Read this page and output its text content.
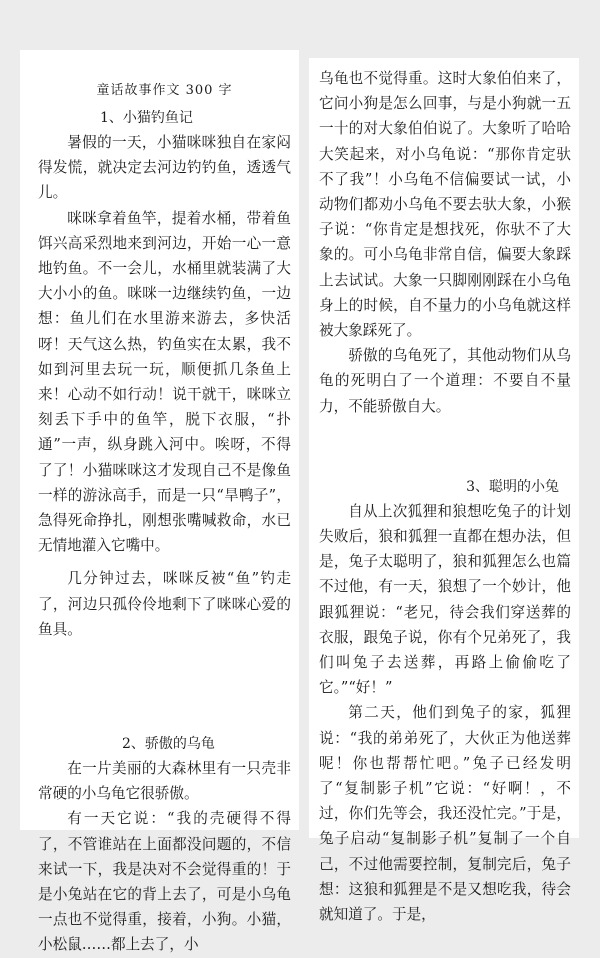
童话故事作文 300 字

1、小猫钓鱼记

暑假的一天，小猫咪咪独自在家闷得发慌，就决定去河边钓钓鱼，透透气儿。

咪咪拿着鱼竿，提着水桶，带着鱼饵兴高采烈地来到河边，开始一心一意地钓鱼。不一会儿，水桶里就装满了大大小小的鱼。咪咪一边继续钓鱼，一边想：鱼儿们在水里游来游去，多快活呀！天气这么热，钓鱼实在太累，我不如到河里去玩一玩，顺便抓几条鱼上来！心动不如行动！说干就干，咪咪立刻丢下手中的鱼竿，脱下衣服，“扑通”一声，纵身跳入河中。唉呀，不得了了！小猫咪咪这才发现自己不是像鱼一样的游泳高手，而是一只“旱鸭子”，急得死命挣扎，刚想张嘴喊救命，水已无情地灌入它嘴中。

几分钟过去，咪咪反被“鱼”钓走了，河边只孤伶伶地剩下了咪咪心爱的鱼具。

2、骄傲的乌龟

在一片美丽的大森林里有一只壳非常硬的小乌龟它很骄傲。

有一天它说：“我的壳硬得不得了，不管谁站在上面都没问题的，不信来试一下，我是决对不会觉得重的！于是小兔站在它的背上去了，可是小乌龟一点也不觉得重，接着，小狗。小猫，小松鼠……都上去了，小

乌龟也不觉得重。这时大象伯伯来了，它问小狗是怎么回事，与是小狗就一五一十的对大象伯伯说了。大象听了哈哈大笑起来，对小乌龟说：“那你肯定驮不了我”！小乌龟不信偏要试一试，小动物们都劝小乌龟不要去驮大象，小猴子说：“你肯定是想找死，你驮不了大象的。可小乌龟非常自信，偏要大象踩上去试试。大象一只脚刚刚踩在小乌龟身上的时候，自不量力的小乌龟就这样被大象踩死了。

骄傲的乌龟死了，其他动物们从乌龟的死明白了一个道理：不要自不量力，不能骄傲自大。

3、聪明的小兔

自从上次狐狸和狼想吃兔子的计划失败后，狼和狐狸一直都在想办法，但是，兔子太聪明了，狼和狐狸怎么也篇不过他，有一天，狼想了一个妙计，他跟狐狸说：“老兄，待会我们穿送葬的衣服，跟兔子说，你有个兄弟死了，我们叫兔子去送葬，再路上偷偷吃了它。”“好！”

第二天，他们到兔子的家，狐狸说：“我的弟弟死了，大伙正为他送葬呢！你也帮帮忙吧。”兔子已经发明了“复制影子机”它说：“好啊！，不过，你们先等会，我还没忙完。”于是，兔子启动“复制影子机”复制了一个自己，不过他需要控制，复制完后，兔子想：这狼和狐狸是不是又想吃我，待会就知道了。于是，
